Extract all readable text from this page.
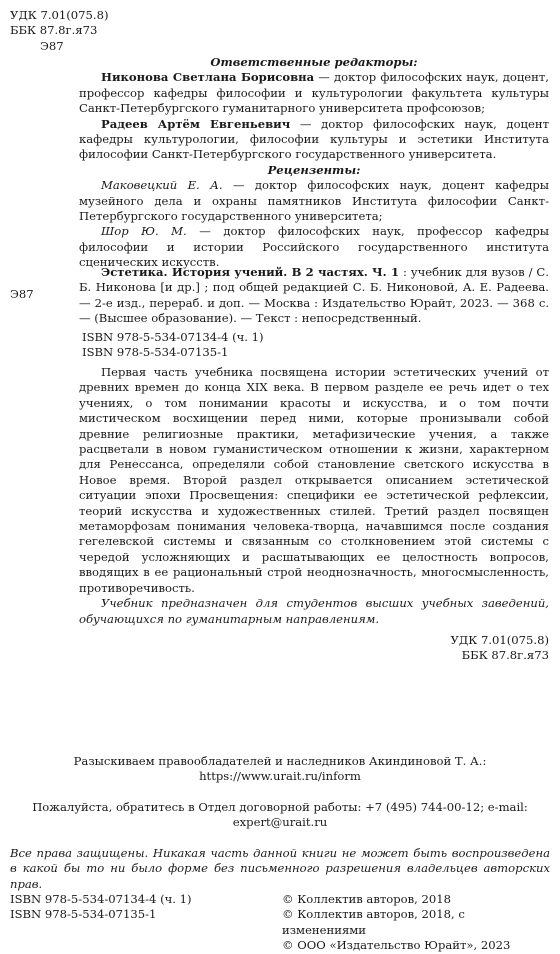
УДК 7.01(075.8)
ББК 87.8г.я73
Э87
Ответственные редакторы:

Никонова Светлана Борисовна — доктор философских наук, доцент, профессор кафедры философии и культурологии факультета культуры Санкт-Петербургского гуманитарного университета профсоюзов;

Радеев Артём Евгеньевич — доктор философских наук, доцент кафедры культурологии, философии культуры и эстетики Института философии Санкт-Петербургского государственного университета.

Рецензенты:

Маковецкий Е. А. — доктор философских наук, доцент кафедры музейного дела и охраны памятников Института философии Санкт-Петербургского государственного университета;

Шор Ю. М. — доктор философских наук, профессор кафедры философии и истории Российского государственного института сценических искусств.

Э87

Эстетика. История учений. В 2 частях. Ч. 1 : учебник для вузов / С. Б. Никонова [и др.] ; под общей редакцией С. Б. Никоновой, А. Е. Радеева. — 2-е изд., перераб. и доп. — Москва : Издательство Юрайт, 2023. — 368 с. — (Высшее образование). — Текст : непосредственный.

ISBN 978-5-534-07134-4 (ч. 1)
ISBN 978-5-534-07135-1

Первая часть учебника посвящена истории эстетических учений от древних времен до конца XIX века. В первом разделе ее речь идет о тех учениях, о том понимании красоты и искусства, и о том почти мистическом восхищении перед ними, которые пронизывали собой древние религиозные практики, метафизические учения, а также расцветали в новом гуманистическом отношении к жизни, характерном для Ренессанса, определяли собой становление светского искусства в Новое время. Второй раздел открывается описанием эстетической ситуации эпохи Просвещения: специфики ее эстетической рефлексии, теорий искусства и художественных стилей. Третий раздел посвящен метаморфозам понимания человека-творца, начавшимся после создания гегелевской системы и связанным со столкновением этой системы с чередой усложняющих и расшатывающих ее целостность вопросов, вводящих в ее рациональный строй неоднозначность, многосмысленность, противоречивость.

Учебник предназначен для студентов высших учебных заведений, обучающихся по гуманитарным направлениям.

УДК 7.01(075.8)
ББК 87.8г.я73
Разыскиваем правообладателей и наследников Акиндиновой Т. А.:
https://www.urait.ru/inform
Пожалуйста, обратитесь в Отдел договорной работы: +7 (495) 744-00-12; e-mail:
expert@urait.ru
Все права защищены. Никакая часть данной книги не может быть воспроизведена в какой бы то ни было форме без письменного разрешения владельцев авторских прав.
ISBN 978-5-534-07134-4 (ч. 1)
ISBN 978-5-534-07135-1
© Коллектив авторов, 2018
© Коллектив авторов, 2018, с изменениями
© ООО «Издательство Юрайт», 2023
